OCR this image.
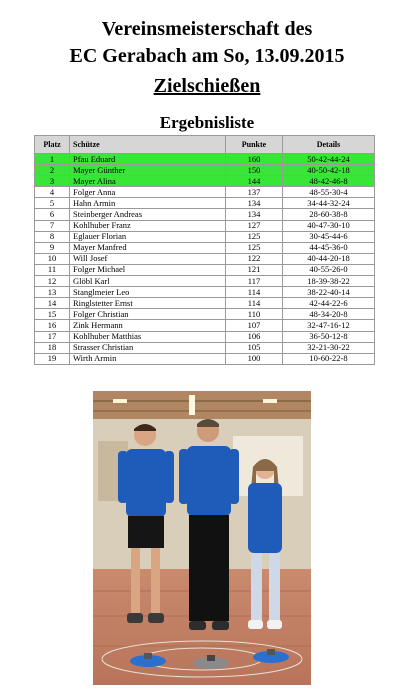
Vereinsmeisterschaft des
EC Gerabach am So, 13.09.2015
Zielschießen
Ergebnisliste
Platz	Schütze	Punkte	Details
1	Pfau Eduard	160	50-42-44-24
2	Mayer Günther	150	40-50-42-18
3	Mayer Alina	144	48-42-46-8
4	Folger Anna	137	48-55-30-4
5	Hahn Armin	134	34-44-32-24
6	Steinberger Andreas	134	28-60-38-8
7	Kohlhuber Franz	127	40-47-30-10
8	Eglauer Florian	125	30-45-44-6
9	Mayer Manfred	125	44-45-36-0
10	Will Josef	122	40-44-20-18
11	Folger Michael	121	40-55-26-0
12	Glöbl Karl	117	18-39-38-22
13	Stanglmeier Leo	114	38-22-40-14
14	Ringlstetter Ernst	114	42-44-22-6
15	Folger Christian	110	48-34-20-8
16	Zink Hermann	107	32-47-16-12
17	Kohlhuber Matthias	106	36-50-12-8
18	Strasser Christian	105	32-21-30-22
19	Wirth Armin	100	10-60-22-8
